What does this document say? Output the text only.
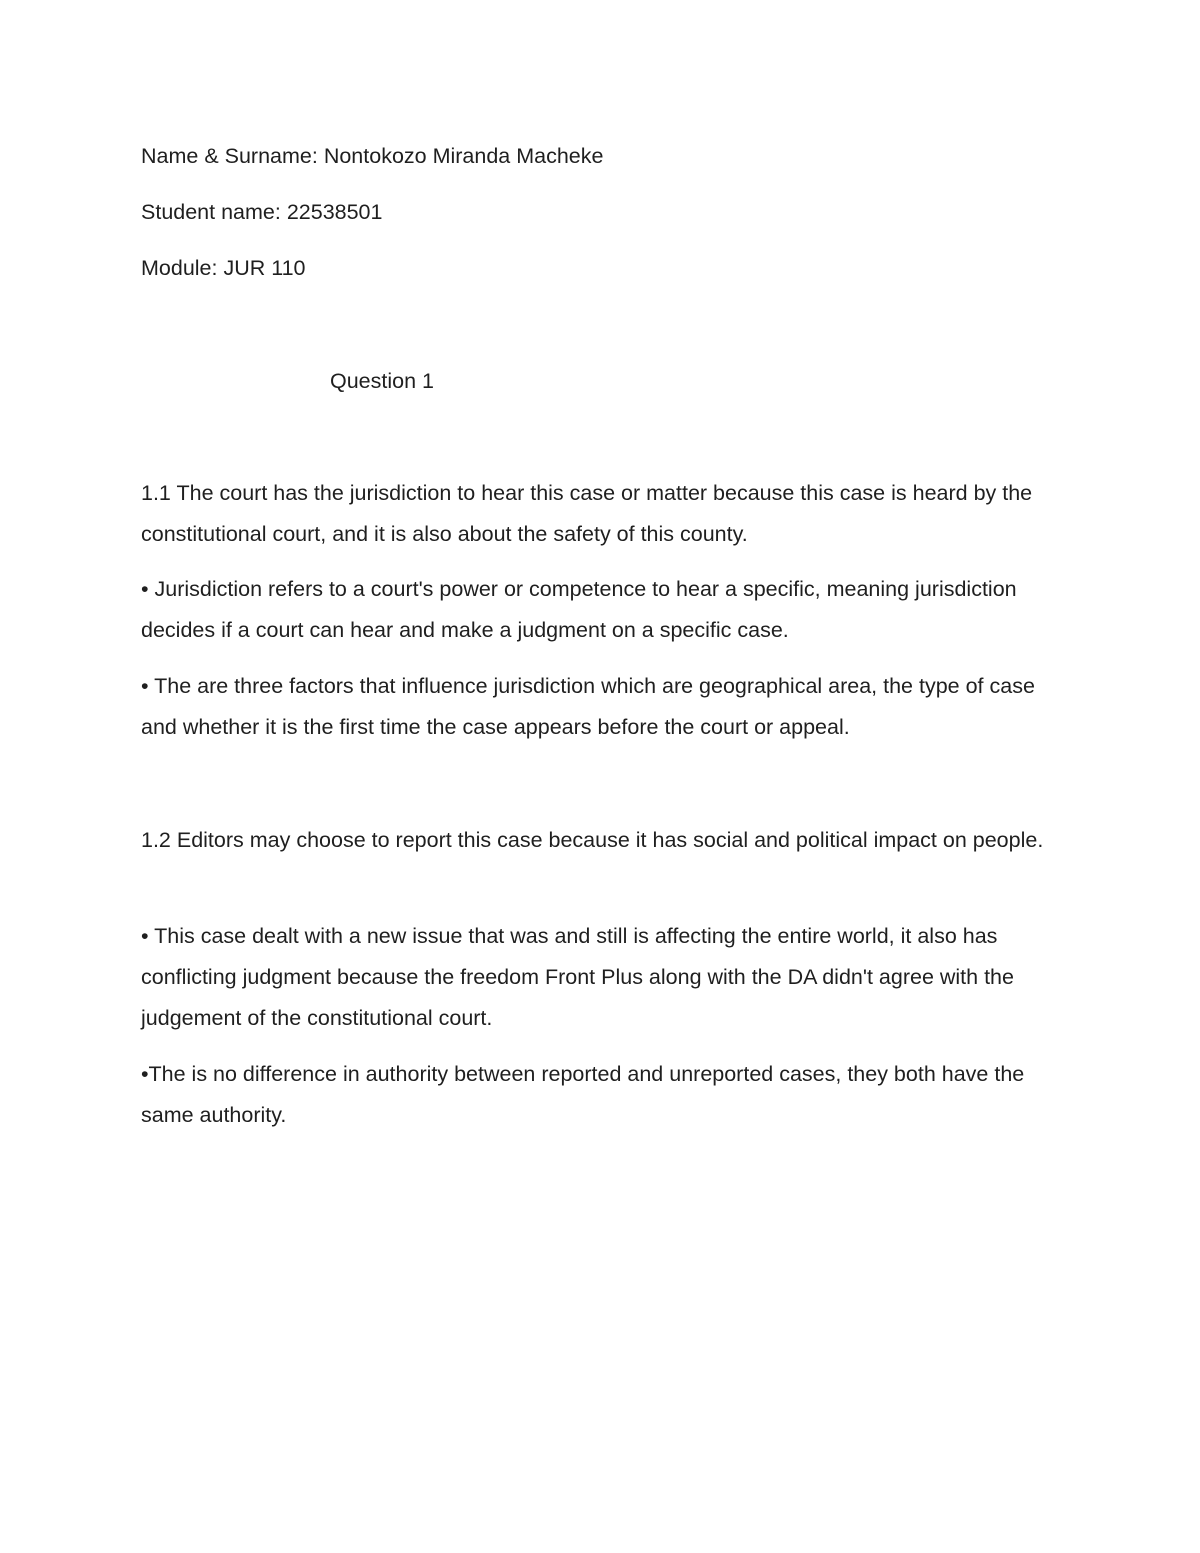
Name & Surname: Nontokozo Miranda Macheke
Student name: 22538501
Module: JUR 110
Question 1

1.1 The court has the jurisdiction to hear this case or matter because this case is heard by the constitutional court, and it is also about the safety of this county.

• Jurisdiction refers to a court's power or competence to hear a specific, meaning jurisdiction decides if a court can hear and make a judgment on a specific case.

• The are three factors that influence jurisdiction which are geographical area, the type of case and whether it is the first time the case appears before the court or appeal.

1.2 Editors may choose to report this case because it has social and political impact on people.

• This case dealt with a new issue that was and still is affecting the entire world, it also has conflicting judgment because the freedom Front Plus along with the DA didn't agree with the judgement of the constitutional court.

•The is no difference in authority between reported and unreported cases, they both have the same authority.
